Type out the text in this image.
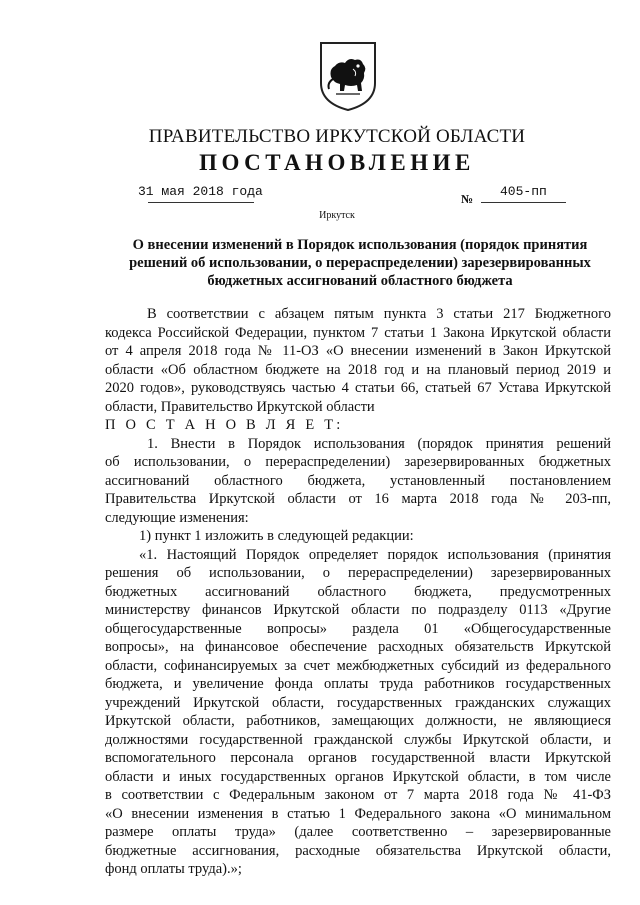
ПРАВИТЕЛЬСТВО ИРКУТСКОЙ ОБЛАСТИ
ПОСТАНОВЛЕНИЕ
31 мая 2018 года	№ 405-пп
Иркутск
О внесении изменений в Порядок использования (порядок принятия
решений об использовании, о перераспределении) зарезервированных
бюджетных ассигнований областного бюджета
В соответствии с абзацем пятым пункта 3 статьи 217 Бюджетного
кодекса Российской Федерации, пунктом 7 статьи 1 Закона Иркутской области
от 4 апреля 2018 года № 11-ОЗ «О внесении изменений в Закон Иркутской
области «Об областном бюджете на 2018 год и на плановый период 2019 и
2020 годов», руководствуясь частью 4 статьи 66, статьей 67 Устава Иркутской
области, Правительство Иркутской области
П О С Т А Н О В Л Я Е Т:
1. Внести в Порядок использования (порядок принятия решений
об использовании, о перераспределении) зарезервированных бюджетных
ассигнований областного бюджета, установленный постановлением
Правительства Иркутской области от 16 марта 2018 года № 203-пп,
следующие изменения:
1) пункт 1 изложить в следующей редакции:
«1. Настоящий Порядок определяет порядок использования (принятия
решения об использовании, о перераспределении) зарезервированных
бюджетных ассигнований областного бюджета, предусмотренных
министерству финансов Иркутской области по подразделу 0113 «Другие
общегосударственные вопросы» раздела 01 «Общегосударственные
вопросы», на финансовое обеспечение расходных обязательств Иркутской
области, софинансируемых за счет межбюджетных субсидий из федерального
бюджета, и увеличение фонда оплаты труда работников государственных
учреждений Иркутской области, государственных гражданских служащих
Иркутской области, работников, замещающих должности, не являющиеся
должностями государственной гражданской службы Иркутской области, и
вспомогательного персонала органов государственной власти Иркутской
области и иных государственных органов Иркутской области, в том числе
в соответствии с Федеральным законом от 7 марта 2018 года № 41-ФЗ
«О внесении изменения в статью 1 Федерального закона «О минимальном
размере оплаты труда» (далее соответственно – зарезервированные
бюджетные ассигнования, расходные обязательства Иркутской области,
фонд оплаты труда).»;
